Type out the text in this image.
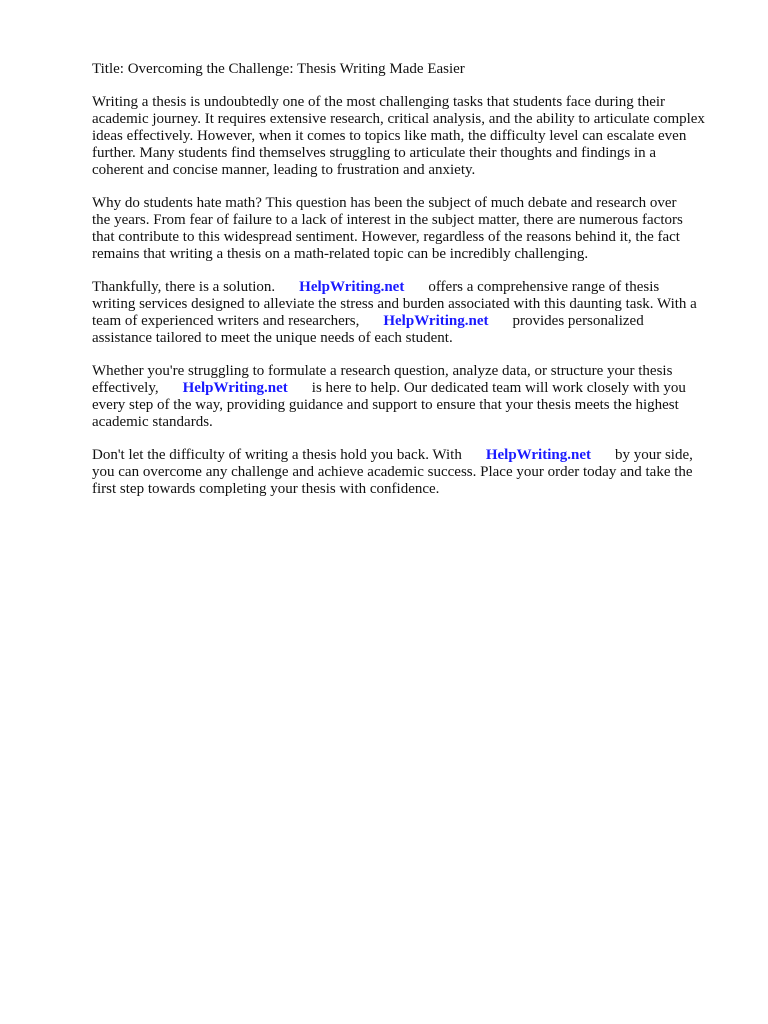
Title: Overcoming the Challenge: Thesis Writing Made Easier

Writing a thesis is undoubtedly one of the most challenging tasks that students face during their
academic journey. It requires extensive research, critical analysis, and the ability to articulate complex
ideas effectively. However, when it comes to topics like math, the difficulty level can escalate even
further. Many students find themselves struggling to articulate their thoughts and findings in a
coherent and concise manner, leading to frustration and anxiety.
Why do students hate math? This question has been the subject of much debate and research over
the years. From fear of failure to a lack of interest in the subject matter, there are numerous factors
that contribute to this widespread sentiment. However, regardless of the reasons behind it, the fact
remains that writing a thesis on a math-related topic can be incredibly challenging.
Thankfully, there is a solution. HelpWriting.net offers a comprehensive range of thesis
writing services designed to alleviate the stress and burden associated with this daunting task. With a
team of experienced writers and researchers, HelpWriting.net provides personalized
assistance tailored to meet the unique needs of each student.
Whether you're struggling to formulate a research question, analyze data, or structure your thesis
effectively, HelpWriting.net is here to help. Our dedicated team will work closely with you
every step of the way, providing guidance and support to ensure that your thesis meets the highest
academic standards.
Don't let the difficulty of writing a thesis hold you back. With HelpWriting.net by your side,
you can overcome any challenge and achieve academic success. Place your order today and take the
first step towards completing your thesis with confidence.
